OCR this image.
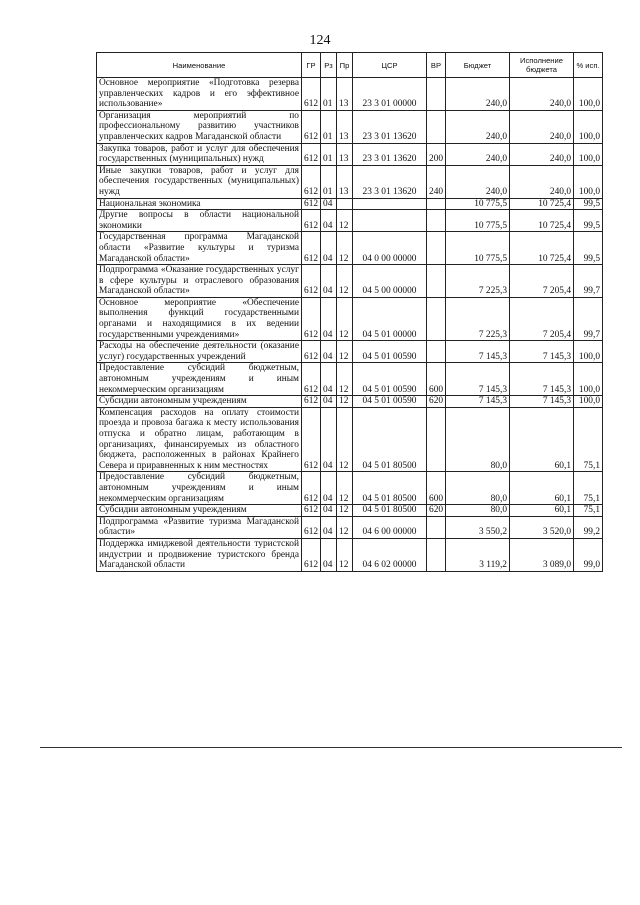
124
Наименование	ГР	Рз	Пр	ЦСР	ВР	Бюджет	Исполнение бюджета	% исп.
Основное мероприятие «Подготовка резерва управленческих кадров и его эффективное использование»	612	01	13	23 3 01 00000		240,0	240,0	100,0
Организация мероприятий по профессиональному развитию участников управленческих кадров Магаданской области	612	01	13	23 3 01 13620		240,0	240,0	100,0
Закупка товаров, работ и услуг для обеспечения государственных (муниципальных) нужд	612	01	13	23 3 01 13620	200	240,0	240,0	100,0
Иные закупки товаров, работ и услуг для обеспечения государственных (муниципальных) нужд	612	01	13	23 3 01 13620	240	240,0	240,0	100,0
Национальная экономика	612	04				10 775,5	10 725,4	99,5
Другие вопросы в области национальной экономики	612	04	12			10 775,5	10 725,4	99,5
Государственная программа Магаданской области «Развитие культуры и туризма Магаданской области»	612	04	12	04 0 00 00000		10 775,5	10 725,4	99,5
Подпрограмма «Оказание государственных услуг в сфере культуры и отраслевого образования Магаданской области»	612	04	12	04 5 00 00000		7 225,3	7 205,4	99,7
Основное мероприятие «Обеспечение выполнения функций государственными органами и находящимися в их ведении государственными учреждениями»	612	04	12	04 5 01 00000		7 225,3	7 205,4	99,7
Расходы на обеспечение деятельности (оказание услуг) государственных учреждений	612	04	12	04 5 01 00590		7 145,3	7 145,3	100,0
Предоставление субсидий бюджетным, автономным учреждениям и иным некоммерческим организациям	612	04	12	04 5 01 00590	600	7 145,3	7 145,3	100,0
Субсидии автономным учреждениям	612	04	12	04 5 01 00590	620	7 145,3	7 145,3	100,0
Компенсация расходов на оплату стоимости проезда и провоза багажа к месту использования отпуска и обратно лицам, работающим в организациях, финансируемых из областного бюджета, расположенных в районах Крайнего Севера и приравненных к ним местностях	612	04	12	04 5 01 80500		80,0	60,1	75,1
Предоставление субсидий бюджетным, автономным учреждениям и иным некоммерческим организациям	612	04	12	04 5 01 80500	600	80,0	60,1	75,1
Субсидии автономным учреждениям	612	04	12	04 5 01 80500	620	80,0	60,1	75,1
Подпрограмма «Развитие туризма Магаданской области»	612	04	12	04 6 00 00000		3 550,2	3 520,0	99,2
Поддержка имиджевой деятельности туристской индустрии и продвижение туристского бренда Магаданской области	612	04	12	04 6 02 00000		3 119,2	3 089,0	99,0
